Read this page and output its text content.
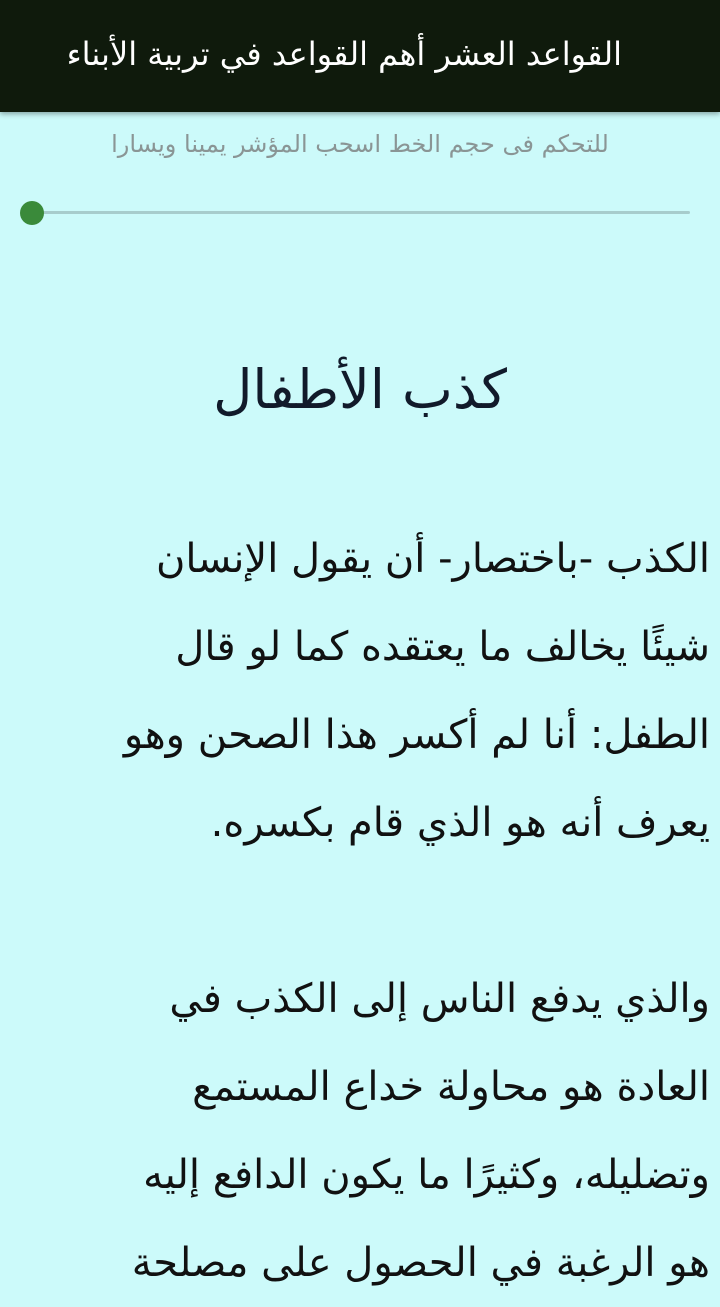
القواعد العشر أهم القواعد في تربية الأبناء
للتحكم فى حجم الخط اسحب المؤشر يمينا ويسارا
كذب الأطفال
الكذب -باختصار- أن يقول الإنسان
شيئًا يخالف ما يعتقده كما لو قال
الطفل: أنا لم أكسر هذا الصحن وهو
يعرف أنه هو الذي قام بكسره.
والذي يدفع الناس إلى الكذب في
العادة هو محاولة خداع المستمع
وتضليله، وكثيرًا ما يكون الدافع إليه
هو الرغبة في الحصول على مصلحة
